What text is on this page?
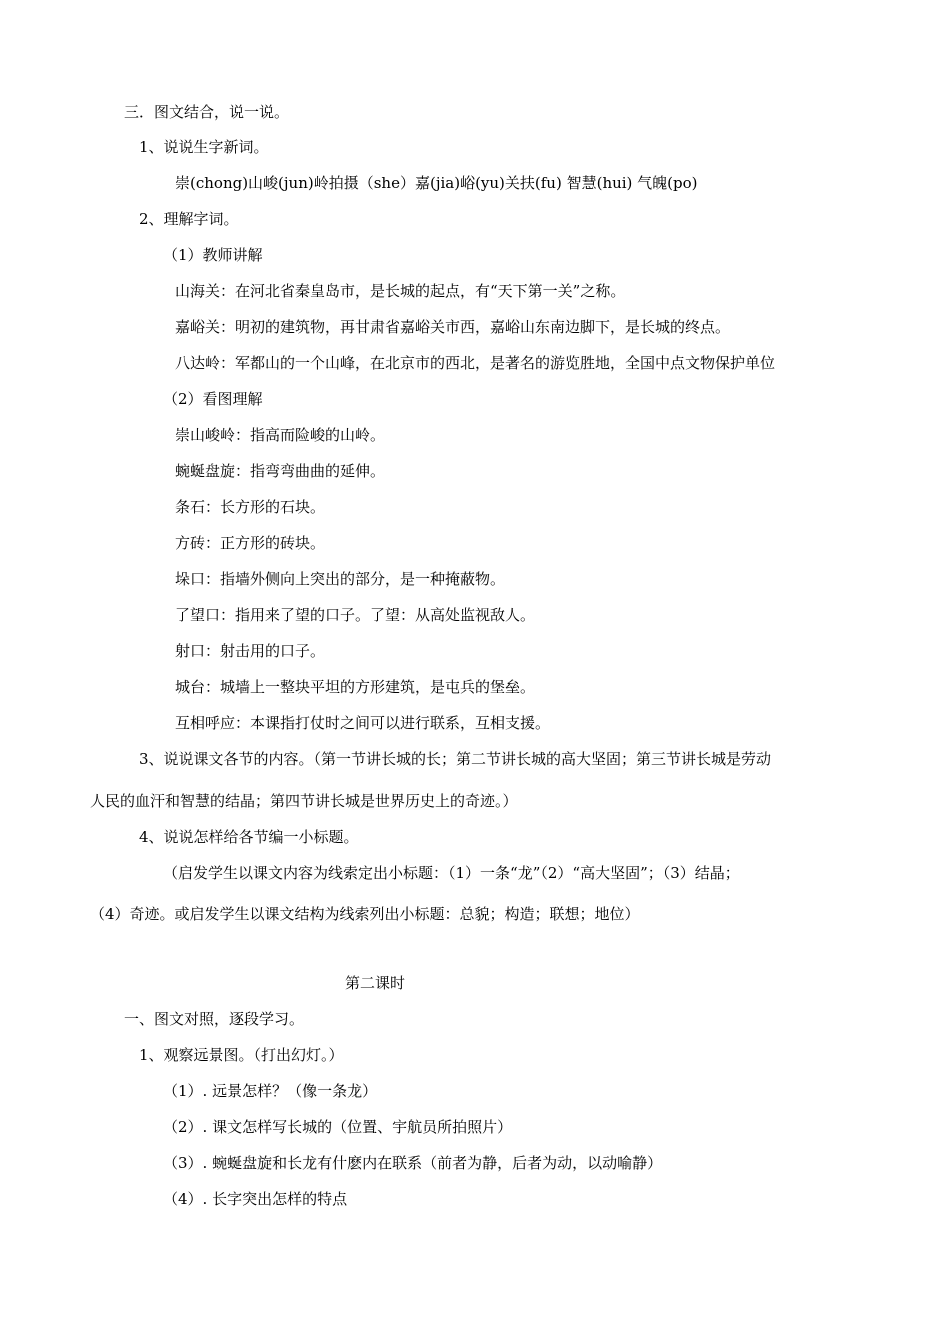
三．图文结合，说一说。
1、说说生字新词。
崇(chong)山峻(jun)岭拍摄（she）嘉(jia)峪(yu)关扶(fu) 智慧(hui) 气魄(po)
2、理解字词。
（1）教师讲解
山海关：在河北省秦皇岛市，是长城的起点，有“天下第一关”之称。
嘉峪关：明初的建筑物，再甘肃省嘉峪关市西，嘉峪山东南边脚下，是长城的终点。
八达岭：军都山的一个山峰，在北京市的西北，是著名的游览胜地，全国中点文物保护单位
（2）看图理解
崇山峻岭：指高而险峻的山岭。
蜿蜒盘旋：指弯弯曲曲的延伸。
条石：长方形的石块。
方砖：正方形的砖块。
垛口：指墙外侧向上突出的部分，是一种掩蔽物。
了望口：指用来了望的口子。了望：从高处监视敌人。
射口：射击用的口子。
城台：城墙上一整块平坦的方形建筑，是屯兵的堡垒。
互相呼应：本课指打仗时之间可以进行联系，互相支援。
3、说说课文各节的内容。（第一节讲长城的长；第二节讲长城的高大坚固；第三节讲长城是劳动
人民的血汗和智慧的结晶；第四节讲长城是世界历史上的奇迹。）
4、说说怎样给各节编一小标题。
（启发学生以课文内容为线索定出小标题：（1）一条“龙”（2）“高大坚固”；（3）结晶；
（4）奇迹。或启发学生以课文结构为线索列出小标题：总貌；构造；联想；地位）
第二课时
一、图文对照，逐段学习。
1、观察远景图。（打出幻灯。）
（1）. 远景怎样？（像一条龙）
（2）. 课文怎样写长城的（位置、宇航员所拍照片）
（3）. 蜿蜒盘旋和长龙有什麽内在联系（前者为静，后者为动，以动喻静）
（4）. 长字突出怎样的特点
